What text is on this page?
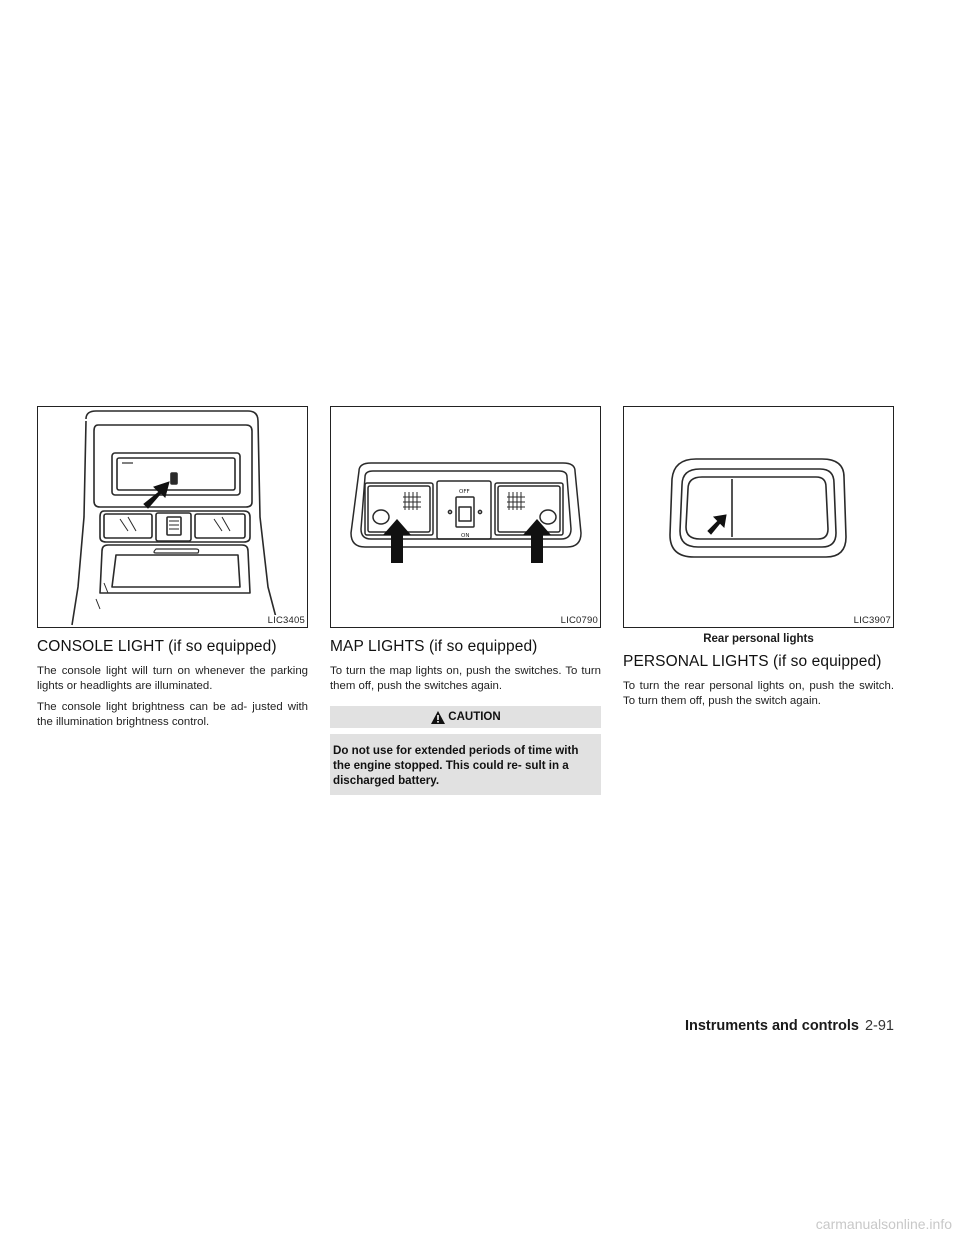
LIC3405
CONSOLE LIGHT (if so equipped)

The console light will turn on whenever the parking lights or headlights are illuminated.

The console light brightness can be ad- justed with the illumination brightness control.

OFF
ON
LIC0790
MAP LIGHTS (if so equipped)

To turn the map lights on, push the switches. To turn them off, push the switches again.

CAUTION
Do not use for extended periods of time with the engine stopped. This could re- sult in a discharged battery.
LIC3907
Rear personal lights
PERSONAL LIGHTS (if so equipped)

To turn the rear personal lights on, push the switch. To turn them off, push the switch again.

Instruments and controls 2-91
carmanualsonline.info
